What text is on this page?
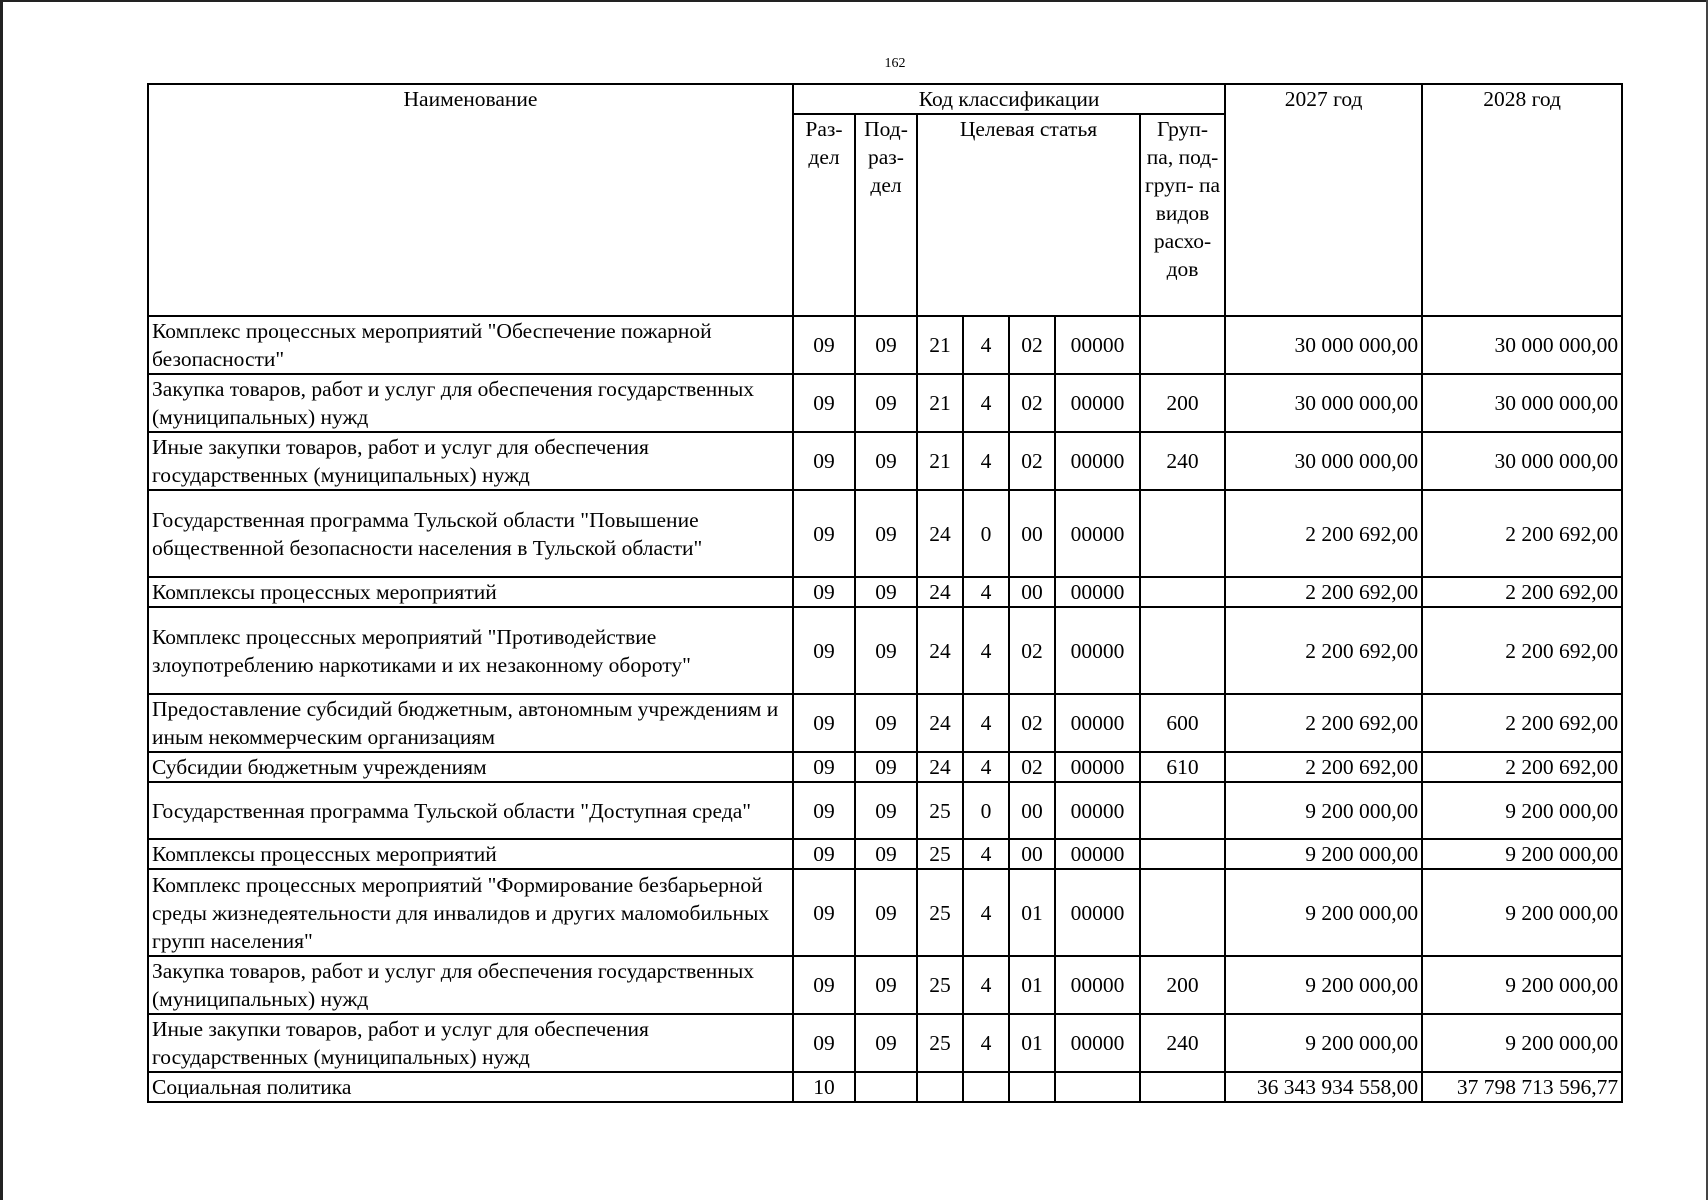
162
Наименование	Код классификации							2027 год	2028 год
	Раз- дел	Под- раз- дел	Целевая статья				Груп- па, под- груп- па видов расхо- дов		
Комплекс процессных мероприятий "Обеспечение пожарной безопасности"	09	09	21	4	02	00000		30 000 000,00	30 000 000,00
Закупка товаров, работ и услуг для обеспечения государственных (муниципальных) нужд	09	09	21	4	02	00000	200	30 000 000,00	30 000 000,00
Иные закупки товаров, работ и услуг для обеспечения государственных (муниципальных) нужд	09	09	21	4	02	00000	240	30 000 000,00	30 000 000,00
Государственная программа Тульской области "Повышение общественной безопасности населения в Тульской области"	09	09	24	0	00	00000		2 200 692,00	2 200 692,00
Комплексы процессных мероприятий	09	09	24	4	00	00000		2 200 692,00	2 200 692,00
Комплекс процессных мероприятий "Противодействие злоупотреблению наркотиками и их незаконному обороту"	09	09	24	4	02	00000		2 200 692,00	2 200 692,00
Предоставление субсидий бюджетным, автономным учреждениям и иным некоммерческим организациям	09	09	24	4	02	00000	600	2 200 692,00	2 200 692,00
Субсидии бюджетным учреждениям	09	09	24	4	02	00000	610	2 200 692,00	2 200 692,00
Государственная программа Тульской области "Доступная среда"	09	09	25	0	00	00000		9 200 000,00	9 200 000,00
Комплексы процессных мероприятий	09	09	25	4	00	00000		9 200 000,00	9 200 000,00
Комплекс процессных мероприятий "Формирование безбарьерной среды жизнедеятельности для инвалидов и других маломобильных групп населения"	09	09	25	4	01	00000		9 200 000,00	9 200 000,00
Закупка товаров, работ и услуг для обеспечения государственных (муниципальных) нужд	09	09	25	4	01	00000	200	9 200 000,00	9 200 000,00
Иные закупки товаров, работ и услуг для обеспечения государственных (муниципальных) нужд	09	09	25	4	01	00000	240	9 200 000,00	9 200 000,00
Социальная политика	10							36 343 934 558,00	37 798 713 596,77
